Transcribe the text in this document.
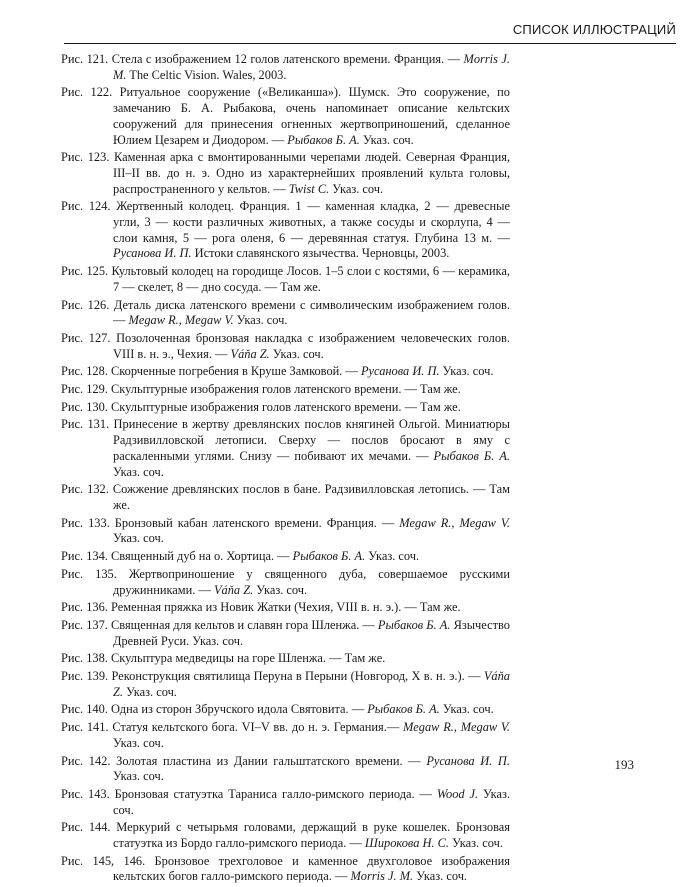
СПИСОК ИЛЛЮСТРАЦИЙ
Рис. 121. Стела с изображением 12 голов латенского времени. Франция. — Morris J. M. The Celtic Vision. Wales, 2003.
Рис. 122. Ритуальное сооружение («Великанша»). Шумск. Это сооружение, по замечанию Б. А. Рыбакова, очень напоминает описание кельтских сооружений для принесения огненных жертвоприношений, сделанное Юлием Цезарем и Диодором. — Рыбаков Б. А. Указ. соч.
Рис. 123. Каменная арка с вмонтированными черепами людей. Северная Франция, III–II вв. до н. э. Одно из характернейших проявлений культа головы, распространенного у кельтов. — Twist C. Указ. соч.
Рис. 124. Жертвенный колодец. Франция. 1 — каменная кладка, 2 — древесные угли, 3 — кости различных животных, а также сосуды и скорлупа, 4 — слои камня, 5 — рога оленя, 6 — деревянная статуя. Глубина 13 м. — Русанова И. П. Истоки славянского язычества. Черновцы, 2003.
Рис. 125. Культовый колодец на городище Лосов. 1–5 слои с костями, 6 — керамика, 7 — скелет, 8 — дно сосуда. — Там же.
Рис. 126. Деталь диска латенского времени с символическим изображением голов. — Megaw R., Megaw V. Указ. соч.
Рис. 127. Позолоченная бронзовая накладка с изображением человеческих голов. VIII в. н. э., Чехия. — Váňa Z. Указ. соч.
Рис. 128. Скорченные погребения в Круше Замковой. — Русанова И. П. Указ. соч.
Рис. 129. Скульптурные изображения голов латенского времени. — Там же.
Рис. 130. Скульптурные изображения голов латенского времени. — Там же.
Рис. 131. Принесение в жертву древлянских послов княгиней Ольгой. Миниатюры Радзивилловской летописи. Сверху — послов бросают в яму с раскаленными углями. Снизу — побивают их мечами. — Рыбаков Б. А. Указ. соч.
Рис. 132. Сожжение древлянских послов в бане. Радзивилловская летопись. — Там же.
Рис. 133. Бронзовый кабан латенского времени. Франция. — Megaw R., Megaw V. Указ. соч.
Рис. 134. Священный дуб на о. Хортица. — Рыбаков Б. А. Указ. соч.
Рис. 135. Жертвоприношение у священного дуба, совершаемое русскими дружинниками. — Váňa Z. Указ. соч.
Рис. 136. Ременная пряжка из Новик Жатки (Чехия, VIII в. н. э.). — Там же.
Рис. 137. Священная для кельтов и славян гора Шленжа. — Рыбаков Б. А. Язычество Древней Руси. Указ. соч.
Рис. 138. Скульптура медведицы на горе Шленжа. — Там же.
Рис. 139. Реконструкция святилища Перуна в Перыни (Новгород, X в. н. э.). — Váňa Z. Указ. соч.
Рис. 140. Одна из сторон Збручского идола Святовита. — Рыбаков Б. А. Указ. соч.
Рис. 141. Статуя кельтского бога. VI–V вв. до н. э. Германия.— Megaw R., Megaw V. Указ. соч.
Рис. 142. Золотая пластина из Дании гальштатского времени. — Русанова И. П. Указ. соч.
Рис. 143. Бронзовая статуэтка Тараниса галло-римского периода. — Wood J. Указ. соч.
Рис. 144. Меркурий с четырьмя головами, держащий в руке кошелек. Бронзовая статуэтка из Бордо галло-римского периода. — Широкова Н. С. Указ. соч.
Рис. 145, 146. Бронзовое трехголовое и каменное двухголовое изображения кельтских богов галло-римского периода. — Morris J. M. Указ. соч.
193
